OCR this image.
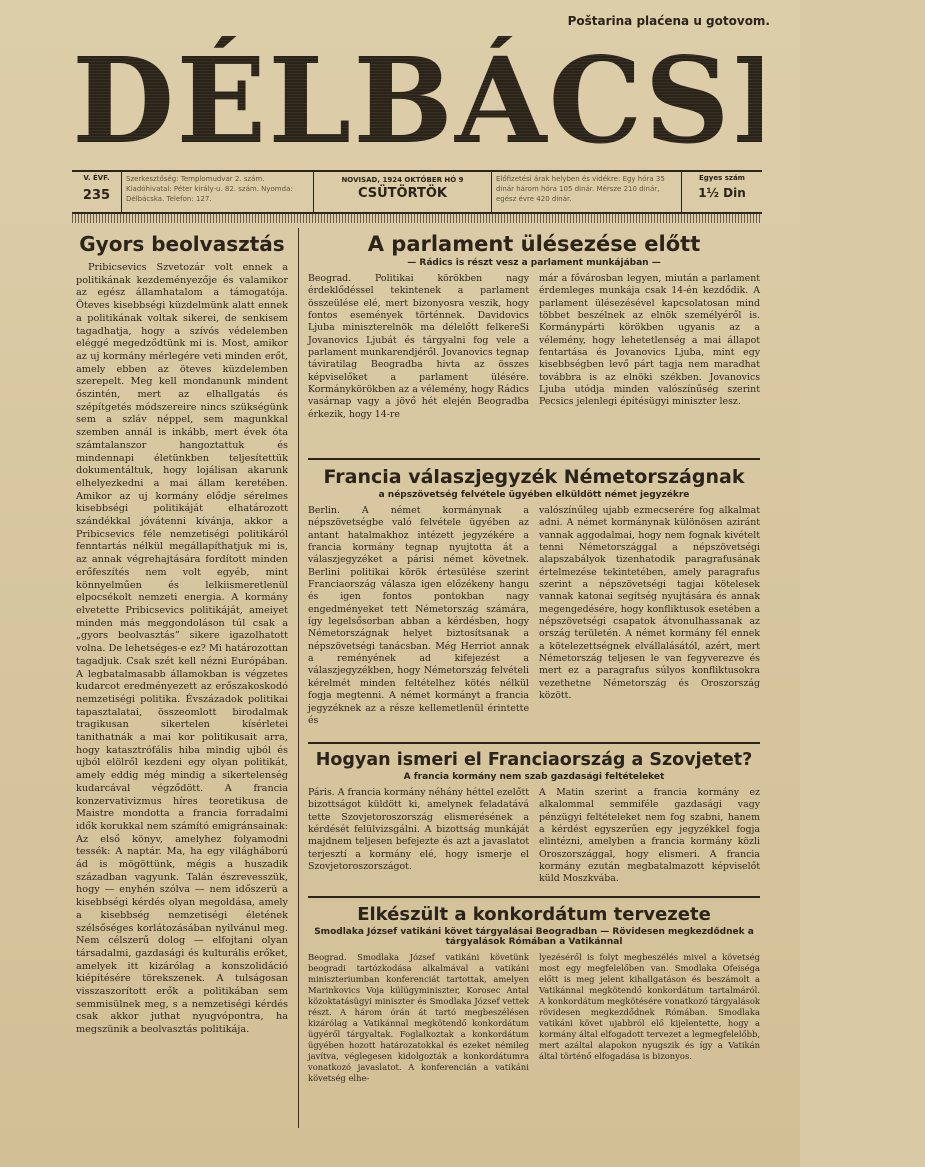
Poštarina plaćena u gotovom.
DÉLBÁCSKA
V. ÉVF.
235
Szerkesztőség: Templomudvar 2. szám. Kiadóhivatal: Péter király-u. 82. szám. Nyomda: Délbácska. Telefon: 127.
NOVISAD, 1924 OKTÓBER HÓ 9
CSÜTÖRTÖK
Előfizetési árak helyben és vidékre: Egy hóra 35 dinár három hóra 105 dinár. Mérsze 210 dinár, egész évre 420 dinár.
Egyes szám
1½ Din
Gyors beolvasztás

Pribicsevics Szvetozár volt ennek a politikának kezdeményezője és valamikor az egész államhatalom a támogatója. Öteves kisebbségi küzdelmünk alatt ennek a politikának voltak sikerei, de senkisem tagadhatja, hogy a szívós védelemben eléggé megedződtünk mi is. Most, amikor az uj kormány mérlegére veti minden erőt, amely ebben az öteves küzdelemben szerepelt. Meg kell mondanunk mindent őszintén, mert az elhallgatás és szépítgetés módszereire nincs szükségünk sem a szláv néppel, sem magunkkal szemben annál is inkább, mert évek óta számtalanszor hangoztattuk és mindennapi életünkben teljesítettük dokumentáltuk, hogy lojálisan akarunk elhelyezkedni a mai állam keretében. Amikor az uj kormány elődje sérelmes kisebbségi politikáját elhatározott szándékkal jóvátenni kívánja, akkor a Pribicsevics féle nemzetiségi politikáról fenntartás nélkül megállapíthatjuk mi is, az annak végrehajtására fordított minden erőfeszítés nem volt egyéb, mint könnyelműen és lelkiismeretlenül elpocsékolt nemzeti energia. A kormány elvetette Pribicsevics politikáját, ameiyet minden más meggondoláson túl csak a „gyors beolvasztás” sikere igazolhatott volna. De lehetséges-e ez? Mi határozottan tagadjuk. Csak szét kell nézni Európában. A legbatalmasabb államokban is végzetes kudarcot eredményezett az erőszakoskodó nemzetiségi politika. Évszázadok politikai tapasztalatai, összeomlott birodalmak tragikusan sikertelen kísérletei tanithatnák a mai kor politikusait arra, hogy katasztrófális hiba mindig ujból és ujból elölről kezdeni egy olyan politikát, amely eddig még mindig a sikertelenség kudarcával végződött. A francia konzervativizmus híres teoretikusa de Maistre mondotta a francia forradalmi idők korukkal nem számító emigránsainak: Az első könyv, amelyhez folyamodni tessék: A naptár. Ma, ha egy világháború ád is mögöttünk, mégis a huszadik században vagyunk. Talán észrevesszük, hogy — enyhén szólva — nem időszerü a kisebbségi kérdés olyan megoldása, amely a kisebbség nemzetiségi életének szélsőséges korlátozásában nyilvánul meg. Nem célszerű dolog — elfojtani olyan társadalmi, gazdasági és kulturális erőket, amelyek itt kizárólag a konszolidáció kiépítésére törekszenek. A tulságosan visszaszorított erők a politikában sem semmisülnek meg, s a nemzetiségi kérdés csak akkor juthat nyugvópontra, ha megszünik a beolvasztás politikája.

A parlament ülésezése előtt
— Rádics is részt vesz a parlament munkájában —
Beograd. Politikai körökben nagy érdeklődéssel tekintenek a parlament összeülése elé, mert bizonyosra veszik, hogy fontos események történnek. Davidovics Ljuba miniszterelnök ma délelőtt felkereSi Jovanovics Ljubát és tárgyalni fog vele a parlament munkarendjéről. Jovanovics tegnap táviratilag Beogradba hivta az összes képviselőket a parlament ülésére. Kormánykörökben az a vélemény, hogy Rádics vasárnap vagy a jövő hét elején Beogradba érkezik, hogy 14-re
már a fővárosban legyen, miután a parlament érdemleges munkája csak 14-én kezdődik. A parlament ülésezésével kapcsolatosan mind többet beszélnek az elnök személyéről is. Kormánypárti körökben ugyanis az a vélemény, hogy lehetetlenség a mai állapot fentartása és Jovanovics Ljuba, mint egy kisebbségben levő párt tagja nem maradhat továbbra is az elnöki székben. Jovanovics Ljuba utódja minden valószínűség szerint Pecsics jelenlegi építésügyi miniszter lesz.
Francia válaszjegyzék Németországnak
a népszövetség felvétele ügyében elküldött német jegyzékre
Berlin. A német kormánynak a népszövetségbe való felvétele ügyében az antant hatalmakhoz intézett jegyzékére a francia kormány tegnap nyujtotta át a válaszjegyzéket a párisi német követnek. Berlini politikai körök értesülése szerint Franciaország válasza igen előzékeny hangu és igen fontos pontokban nagy engedményeket tett Németország számára, így legelsősorban abban a kérdésben, hogy Németországnak helyet biztosítsanak a népszövetségi tanácsban. Még Herriot annak a reményének ad kifejezést a válaszjegyzékben, hogy Németország felvételi kérelmét minden feltételhez kötés nélkül fogja megtenni. A német kormányt a francia jegyzéknek az a része kellemetlenül érintette és
valószínűleg ujabb ezmecserére fog alkalmat adni. A német kormánynak különösen aziránt vannak aggodalmai, hogy nem fognak kivételt tenni Németországgal a népszövetségi alapszabályok tizenhatodik paragrafusának értelmezése tekintetében, amely paragrafus szerint a népszövetségi tagjai kötelesek vannak katonai segítség nyujtására és annak megengedésére, hogy konfliktusok esetében a népszövetségi csapatok átvonulhassanak az ország területén. A német kormány fél ennek a kötelezettségnek elvállalásától, azért, mert Németország teljesen le van fegyverezve és mert ez a paragrafus súlyos konfliktusokra vezethetne Németország és Oroszország között.
Hogyan ismeri el Franciaország a Szovjetet?
A francia kormány nem szab gazdasági feltételeket
Páris. A francia kormány néhány héttel ezelőtt bizottságot küldött ki, amelynek feladatává tette Szovjetoroszország elismerésének a kérdését felülvizsgálni. A bizottság munkáját majdnem teljesen befejezte és azt a javaslatot terjesztí a kormány elé, hogy ismerje el Szovjetoroszországot.
A Matin szerint a francia kormány ez alkalommal semmiféle gazdasági vagy pénzügyi feltételeket nem fog szabni, hanem a kérdést egyszerűen egy jegyzékkel fogja elintézni, amelyben a francia kormány közli Oroszországgal, hogy elismeri. A francia kormány ezután megbatalmazott képviselőt küld Moszkvába.
Elkészült a konkordátum tervezete
Smodlaka József vatikáni követ tárgyalásai Beogradban — Rövidesen megkezdődnek a tárgyalások Rómában a Vatikánnal
Beograd. Smodlaka József vatikáni követünk beogradi tartózkodása alkalmával a vatikáni miniszteriumban konferenciát tartottak, amelyen Marinkovics Voja külügyminiszter, Korosec Antal közoktatásügyi miniszter és Smodlaka József vettek részt. A három órán át tartó megbeszélésen kizárólag a Vatikánnal megkötendő konkordátum ügyéről tárgyaltak. Foglalkoztak a konkordátum ügyében hozott határozatokkal és ezeket némileg javítva, véglegesen kidolgozták a konkordátumra vonatkozó javaslatot. A konferencián a vatikáni követség elhe-
lyezéséről is folyt megbeszélés mivel a követség most egy megfelelőben van. Smodlaka Ofeiséga előtt is meg jelent kihallgatáson és beszámolt a Vatikánnal megkötendő konkordátum tartalmáról. A konkordátum megkötésére vonatkozó tárgyalások rövidesen megkezdődnek Rómában. Smodlaka vatikáni követ ujabbról elő kijelentette, hogy a kormány által elfogadott tervezet a legmegfelelőbb, mert azáltal alapokon nyugszik és így a Vatikán által történő elfogadása is bizonyos.
